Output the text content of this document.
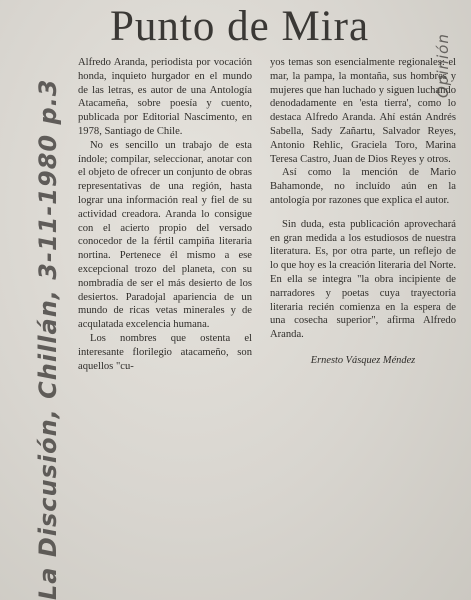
Punto de Mira

Alfredo Aranda, periodista por vocación honda, inquieto hurgador en el mundo de las letras, es autor de una Antología Atacameña, sobre poesía y cuento, publicada por Editorial Nascimento, en 1978, Santiago de Chile.

No es sencillo un trabajo de esta índole; compilar, seleccionar, anotar con el objeto de ofrecer un conjunto de obras representativas de una región, hasta lograr una información real y fiel de su actividad creadora. Aranda lo consigue con el acierto propio del versado conocedor de la fértil campiña literaria nortina. Pertenece él mismo a ese excepcional trozo del planeta, con su nombradía de ser el más desierto de los desiertos. Paradojal apariencia de un mundo de ricas vetas minerales y de acqulatada excelencia humana.

Los nombres que ostenta el interesante florilegio atacameño, son aquellos "cu-

yos temas son esencialmente regionales: el mar, la pampa, la montaña, sus hombres y mujeres que han luchado y siguen luchando denodadamente en 'esta tierra', como lo destaca Alfredo Aranda. Ahí están Andrés Sabella, Sady Zañartu, Salvador Reyes, Antonio Rehlic, Graciela Toro, Marina Teresa Castro, Juan de Dios Reyes y otros.

Así como la mención de Mario Bahamonde, no incluído aún en la antología por razones que explica el autor.

Sin duda, esta publicación aprovechará en gran medida a los estudiosos de nuestra literatura. Es, por otra parte, un reflejo de lo que hoy es la creación literaria del Norte. En ella se integra "la obra incipiente de narradores y poetas cuya trayectoria literaria recién comienza en la espera de una cosecha superior", afirma Alfredo Aranda.

Ernesto Vásquez Méndez

La Discusión, Chillán, 3-11-1980 p.3
Opinión
